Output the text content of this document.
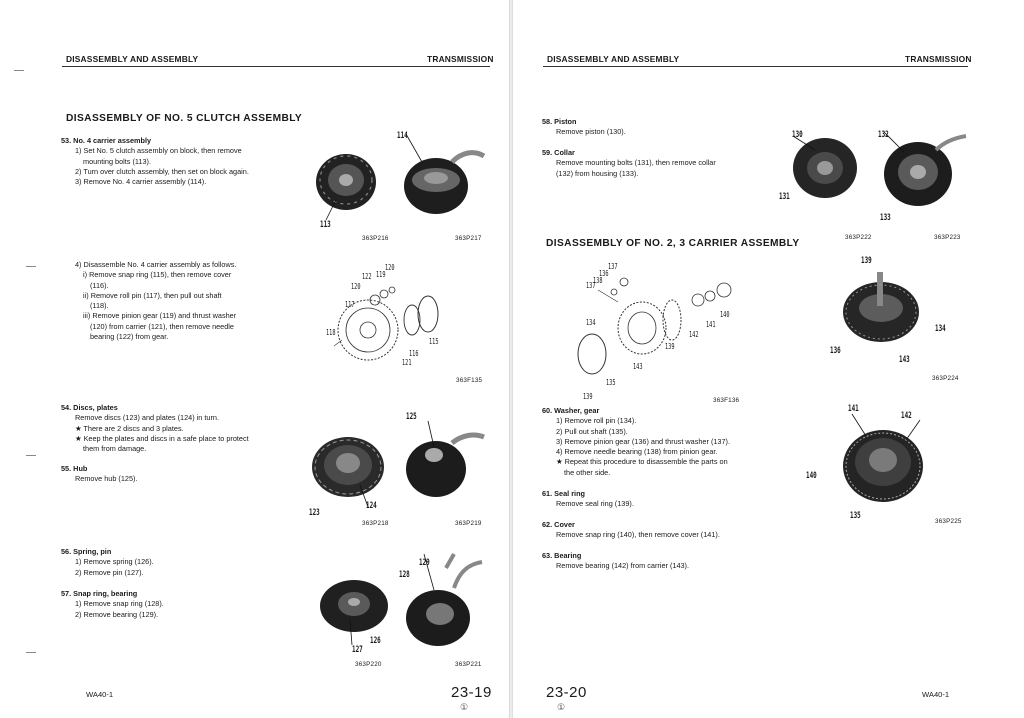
DISASSEMBLY AND ASSEMBLY	TRANSMISSION
DISASSEMBLY OF NO. 5 CLUTCH ASSEMBLY
53. No. 4 carrier assembly
1) Set No. 5 clutch assembly on block, then remove
mounting bolts (113).
2) Turn over clutch assembly, then set on block again.
3) Remove No. 4 carrier assembly (114).
4) Disassemble No. 4 carrier assembly as follows.
i) Remove snap ring (115), then remove cover
(116).
ii) Remove roll pin (117), then pull out shaft
(118).
iii) Remove pinion gear (119) and thrust washer
(120) from carrier (121), then remove needle
bearing (122) from gear.
54. Discs, plates
Remove discs (123) and plates (124) in turn.
★ There are 2 discs and 3 plates.
★ Keep the plates and discs in a safe place to protect
them from damage.
55. Hub
Remove hub (125).
56. Spring, pin
1) Remove spring (126).
2) Remove pin (127).
57. Snap ring, bearing
1) Remove snap ring (128).
2) Remove bearing (129).
114
113
363P216	363P217
120
122 119
120
117
118
115
116
121
363F135
125
123
124
363P218	363P219
129
128
126
127
363P220	363P221
WA40-1	23-19
①
DISASSEMBLY AND ASSEMBLY	TRANSMISSION
58. Piston
Remove piston (130).
59. Collar
Remove mounting bolts (131), then remove collar
(132) from housing (133).
130	132
131
133
363P222	363P223
DISASSEMBLY OF NO. 2, 3 CARRIER ASSEMBLY
137
136
138
137
134
140
141
142
139
143
135
139	363F136
139
134
136
143
363P224
60. Washer, gear
1) Remove roll pin (134).
2) Pull out shaft (135).
3) Remove pinion gear (136) and thrust washer (137).
4) Remove needle bearing (138) from pinion gear.
★ Repeat this procedure to disassemble the parts on
the other side.
61. Seal ring
Remove seal ring (139).
62. Cover
Remove snap ring (140), then remove cover (141).
63. Bearing
Remove bearing (142) from carrier (143).
141
142
140
135
363P225
23-20
①
WA40-1
